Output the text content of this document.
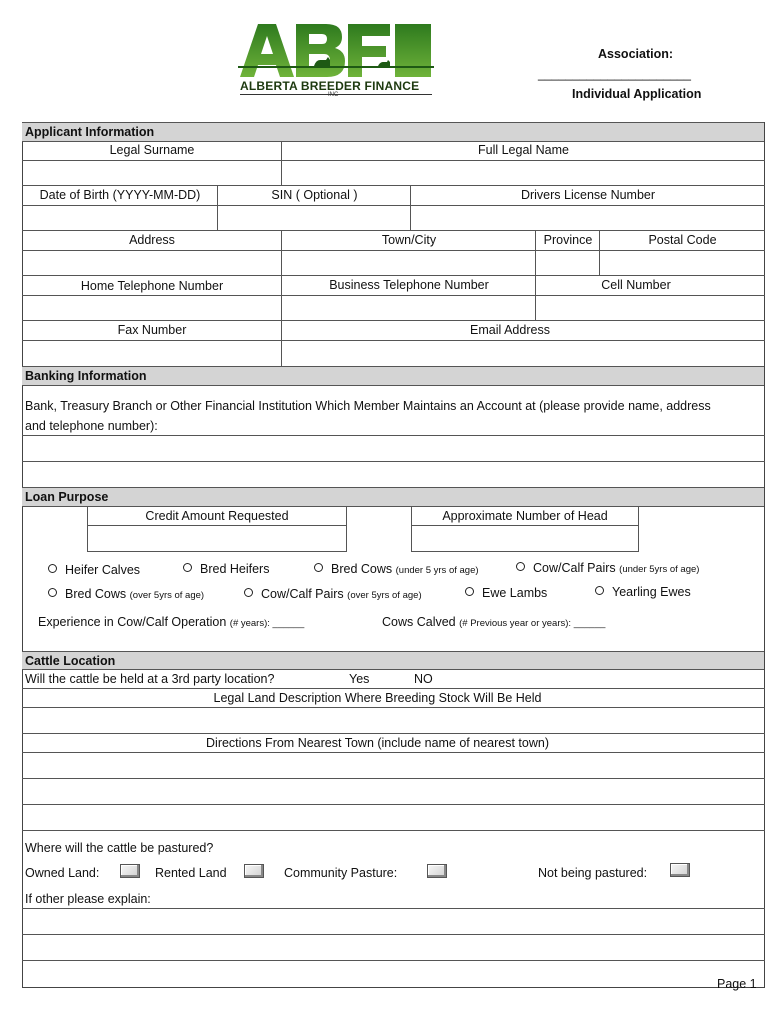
ALBERTA BREEDER FINANCE
INC
Association:
______________________
Individual Application
Applicant Information
Legal Surname	Full Legal Name
Date of Birth (YYYY-MM-DD)	SIN ( Optional )	Drivers License Number
Address	Town/City	Province	Postal Code
Home Telephone Number	Business Telephone Number	Cell Number
Fax Number	Email Address
Banking Information
Bank, Treasury Branch or Other Financial Institution Which Member Maintains an Account at (please provide name, address
and telephone number):
Loan Purpose
Credit Amount Requested	Approximate Number of Head
Heifer Calves	Bred Heifers	Bred Cows (under 5 yrs of age)	Cow/Calf Pairs (under 5yrs of age)
Bred Cows (over 5yrs of age)	Cow/Calf Pairs (over 5yrs of age)	Ewe Lambs	Yearling Ewes
Experience in Cow/Calf Operation (# years): ______	Cows Calved (# Previous year or years): ______
Cattle Location
Will the cattle be held at a 3rd party location?	Yes	NO
Legal Land Description Where Breeding Stock Will Be Held
Directions From Nearest Town (include name of nearest town)
Where will the cattle be pastured?
Owned Land:	Rented Land	Community Pasture:	Not being pastured:
If other please explain:
Page 1
